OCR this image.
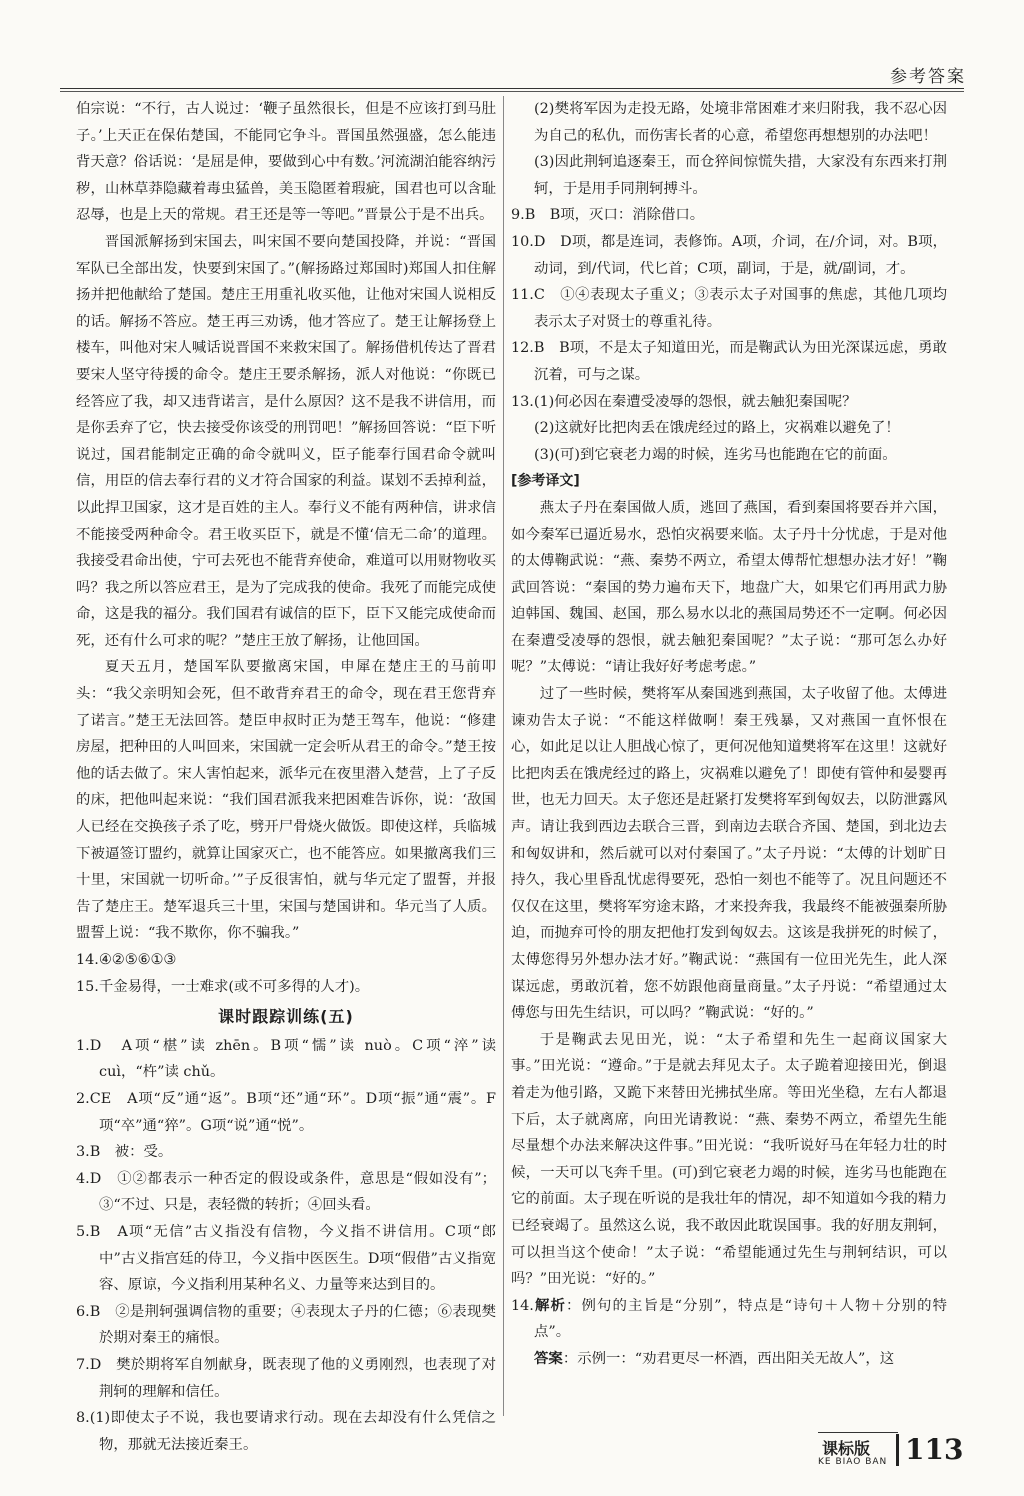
参考答案

伯宗说：“不行，古人说过：‘鞭子虽然很长，但是不应该打到马肚子。’上天正在保佑楚国，不能同它争斗。晋国虽然强盛，怎么能违背天意？俗话说：‘是屈是伸，要做到心中有数。’河流湖泊能容纳污秽，山林草莽隐藏着毒虫猛兽，美玉隐匿着瑕疵，国君也可以含耻忍辱，也是上天的常规。君王还是等一等吧。”晋景公于是不出兵。

晋国派解扬到宋国去，叫宋国不要向楚国投降，并说：“晋国军队已全部出发，快要到宋国了。”(解扬路过郑国时)郑国人扣住解扬并把他献给了楚国。楚庄王用重礼收买他，让他对宋国人说相反的话。解扬不答应。楚王再三劝诱，他才答应了。楚王让解扬登上楼车，叫他对宋人喊话说晋国不来救宋国了。解扬借机传达了晋君要宋人坚守待援的命令。楚庄王要杀解扬，派人对他说：“你既已经答应了我，却又违背诺言，是什么原因？这不是我不讲信用，而是你丢弃了它，快去接受你该受的刑罚吧！”解扬回答说：“臣下听说过，国君能制定正确的命令就叫义，臣子能奉行国君命令就叫信，用臣的信去奉行君的义才符合国家的利益。谋划不丢掉利益，以此捍卫国家，这才是百姓的主人。奉行义不能有两种信，讲求信不能接受两种命令。君王收买臣下，就是不懂‘信无二命’的道理。我接受君命出使，宁可去死也不能背弃使命，难道可以用财物收买吗？我之所以答应君王，是为了完成我的使命。我死了而能完成使命，这是我的福分。我们国君有诚信的臣下，臣下又能完成使命而死，还有什么可求的呢？”楚庄王放了解扬，让他回国。

夏天五月，楚国军队要撤离宋国，申犀在楚庄王的马前叩头：“我父亲明知会死，但不敢背弃君王的命令，现在君王您背弃了诺言。”楚王无法回答。楚臣申叔时正为楚王驾车，他说：“修建房屋，把种田的人叫回来，宋国就一定会听从君王的命令。”楚王按他的话去做了。宋人害怕起来，派华元在夜里潜入楚营，上了子反的床，把他叫起来说：“我们国君派我来把困难告诉你，说：‘敌国人已经在交换孩子杀了吃，劈开尸骨烧火做饭。即使这样，兵临城下被逼签订盟约，就算让国家灭亡，也不能答应。如果撤离我们三十里，宋国就一切听命。’”子反很害怕，就与华元定了盟誓，并报告了楚庄王。楚军退兵三十里，宋国与楚国讲和。华元当了人质。盟誓上说：“我不欺你，你不骗我。”

14.④②⑤⑥①③

15.千金易得，一士难求(或不可多得的人才)。

课时跟踪训练(五)

1.D　A项“椹”读 zhēn。B项“懦”读 nuò。C项“淬”读 cuì，“杵”读 chǔ。

2.CE　A项“反”通“返”。B项“还”通“环”。D项“振”通“震”。F项“卒”通“猝”。G项“说”通“悦”。

3.B　被：受。

4.D　①②都表示一种否定的假设或条件，意思是“假如没有”；③“不过、只是，表轻微的转折；④回头看。

5.B　A项“无信”古义指没有信物，今义指不讲信用。C项“郎中”古义指宫廷的侍卫，今义指中医医生。D项“假借”古义指宽容、原谅，今义指利用某种名义、力量等来达到目的。

6.B　②是荆轲强调信物的重要；④表现太子丹的仁德；⑥表现樊於期对秦王的痛恨。

7.D　樊於期将军自刎献身，既表现了他的义勇刚烈，也表现了对荆轲的理解和信任。

8.(1)即使太子不说，我也要请求行动。现在去却没有什么凭信之物，那就无法接近秦王。

(2)樊将军因为走投无路，处境非常困难才来归附我，我不忍心因为自己的私仇，而伤害长者的心意，希望您再想想别的办法吧！

(3)因此荆轲追逐秦王，而仓猝间惊慌失措，大家没有东西来打荆轲，于是用手同荆轲搏斗。

9.B　B项，灭口：消除借口。

10.D　D项，都是连词，表修饰。A项，介词，在/介词，对。B项，动词，到/代词，代匕首；C项，副词，于是，就/副词，才。

11.C　①④表现太子重义；③表示太子对国事的焦虑，其他几项均表示太子对贤士的尊重礼待。

12.B　B项，不是太子知道田光，而是鞠武认为田光深谋远虑，勇敢沉着，可与之谋。

13.(1)何必因在秦遭受凌辱的怨恨，就去触犯秦国呢？

(2)这就好比把肉丢在饿虎经过的路上，灾祸难以避免了！

(3)(可)到它衰老力竭的时候，连劣马也能跑在它的前面。

[参考译文]

燕太子丹在秦国做人质，逃回了燕国，看到秦国将要吞并六国，如今秦军已逼近易水，恐怕灾祸要来临。太子丹十分忧虑，于是对他的太傅鞠武说：“燕、秦势不两立，希望太傅帮忙想想办法才好！”鞠武回答说：“秦国的势力遍布天下，地盘广大，如果它们再用武力胁迫韩国、魏国、赵国，那么易水以北的燕国局势还不一定啊。何必因在秦遭受凌辱的怨恨，就去触犯秦国呢？”太子说：“那可怎么办好呢？”太傅说：“请让我好好考虑考虑。”

过了一些时候，樊将军从秦国逃到燕国，太子收留了他。太傅进谏劝告太子说：“不能这样做啊！秦王残暴，又对燕国一直怀恨在心，如此足以让人胆战心惊了，更何况他知道樊将军在这里！这就好比把肉丢在饿虎经过的路上，灾祸难以避免了！即使有管仲和晏婴再世，也无力回天。太子您还是赶紧打发樊将军到匈奴去，以防泄露风声。请让我到西边去联合三晋，到南边去联合齐国、楚国，到北边去和匈奴讲和，然后就可以对付秦国了。”太子丹说：“太傅的计划旷日持久，我心里昏乱忧虑得要死，恐怕一刻也不能等了。况且问题还不仅仅在这里，樊将军穷途末路，才来投奔我，我最终不能被强秦所胁迫，而抛弃可怜的朋友把他打发到匈奴去。这该是我拼死的时候了，太傅您得另外想办法才好。”鞠武说：“燕国有一位田光先生，此人深谋远虑，勇敢沉着，您不妨跟他商量商量。”太子丹说：“希望通过太傅您与田先生结识，可以吗？”鞠武说：“好的。”

于是鞠武去见田光，说：“太子希望和先生一起商议国家大事。”田光说：“遵命。”于是就去拜见太子。太子跪着迎接田光，倒退着走为他引路，又跪下来替田光拂拭坐席。等田光坐稳，左右人都退下后，太子就离席，向田光请教说：“燕、秦势不两立，希望先生能尽量想个办法来解决这件事。”田光说：“我听说好马在年轻力壮的时候，一天可以飞奔千里。(可)到它衰老力竭的时候，连劣马也能跑在它的前面。太子现在听说的是我壮年的情况，却不知道如今我的精力已经衰竭了。虽然这么说，我不敢因此耽误国事。我的好朋友荆轲，可以担当这个使命！”太子说：“希望能通过先生与荆轲结识，可以吗？”田光说：“好的。”

14.解析：例句的主旨是“分别”，特点是“诗句＋人物＋分别的特点”。

答案：示例一：“劝君更尽一杯酒，西出阳关无故人”，这

课标版
KE BIAO BAN 113
